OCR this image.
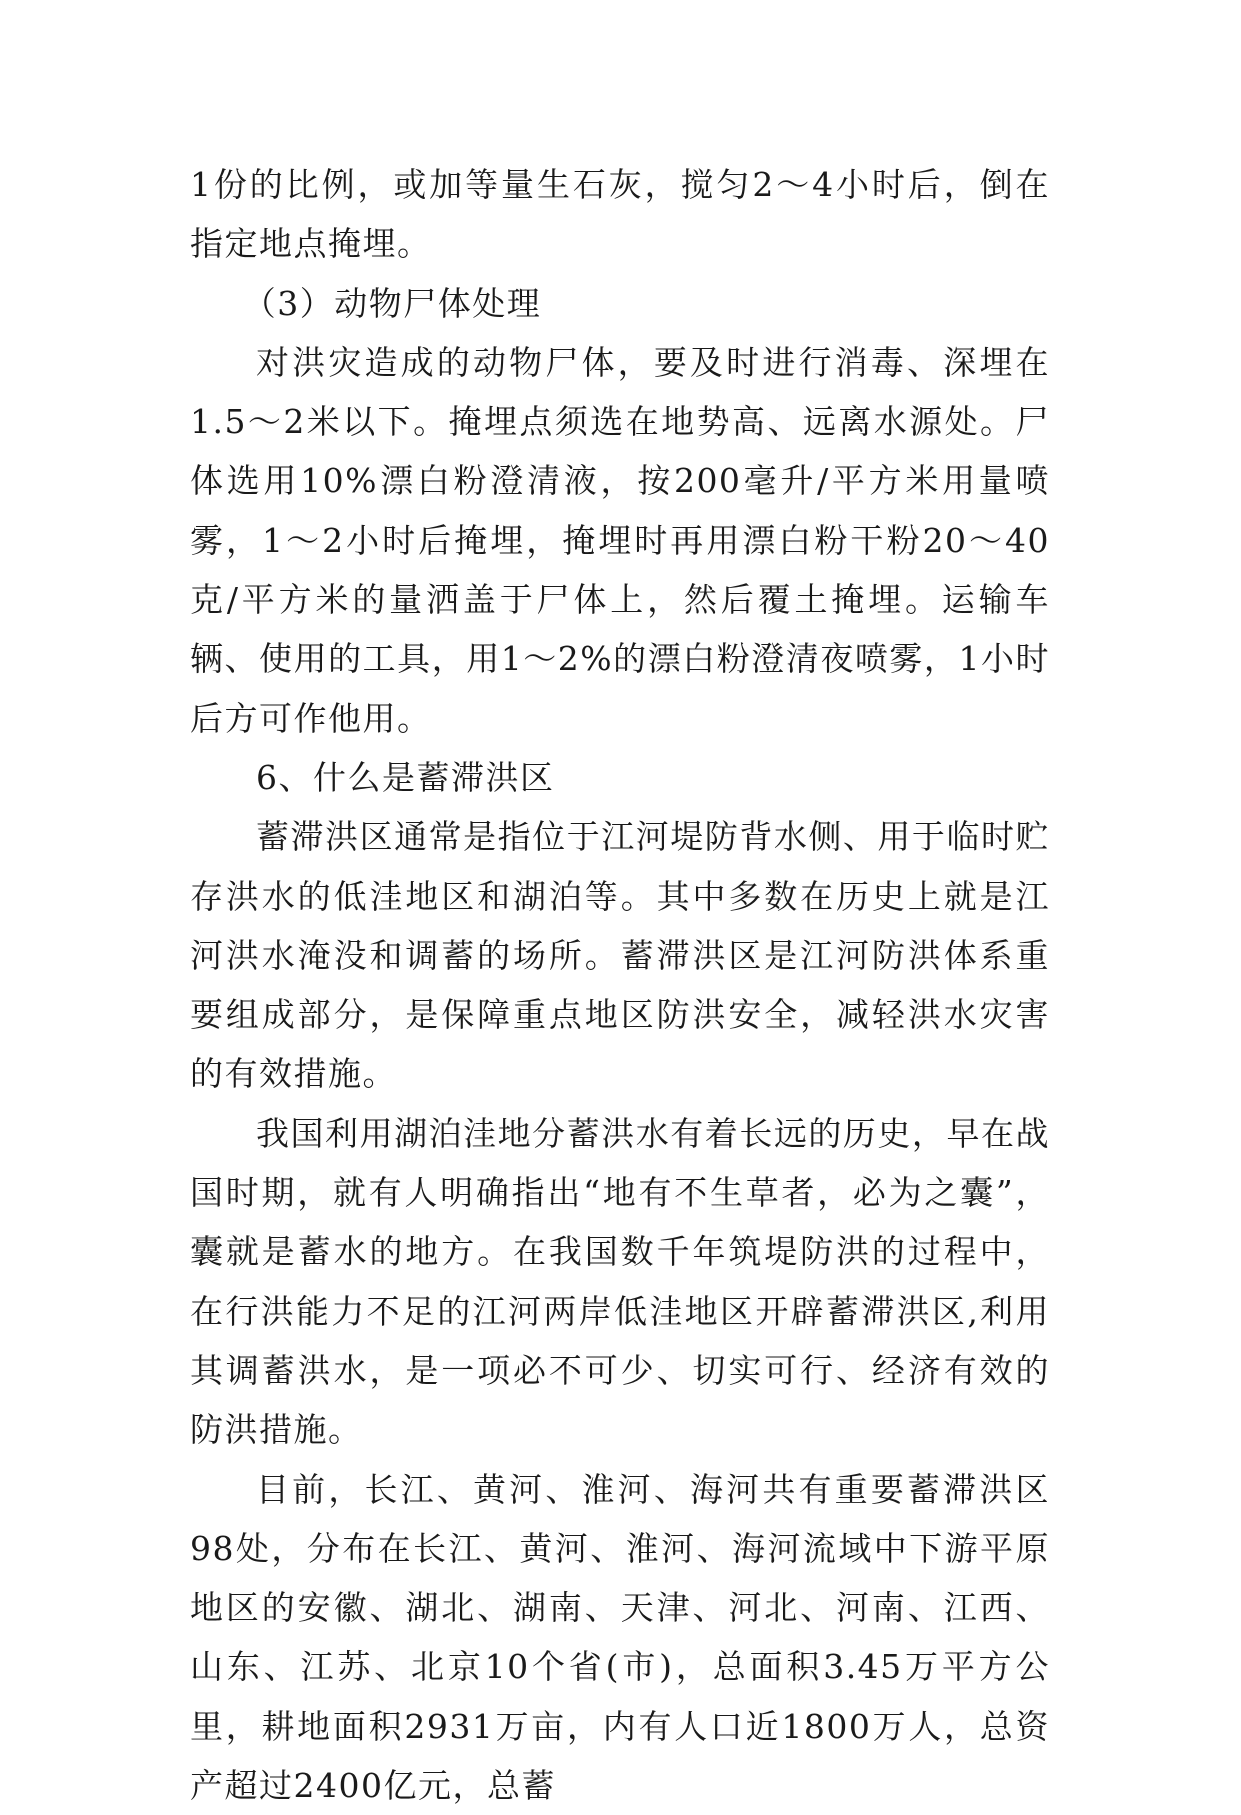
1份的比例，或加等量生石灰，搅匀2～4小时后，倒在指定地点掩埋。

（3）动物尸体处理

对洪灾造成的动物尸体，要及时进行消毒、深埋在1.5～2米以下。掩埋点须选在地势高、远离水源处。尸体选用10%漂白粉澄清液，按200毫升/平方米用量喷雾，1～2小时后掩埋，掩埋时再用漂白粉干粉20～40克/平方米的量洒盖于尸体上，然后覆土掩埋。运输车辆、使用的工具，用1～2%的漂白粉澄清夜喷雾，1小时后方可作他用。

6、什么是蓄滞洪区

蓄滞洪区通常是指位于江河堤防背水侧、用于临时贮存洪水的低洼地区和湖泊等。其中多数在历史上就是江河洪水淹没和调蓄的场所。蓄滞洪区是江河防洪体系重要组成部分，是保障重点地区防洪安全，减轻洪水灾害的有效措施。

我国利用湖泊洼地分蓄洪水有着长远的历史，早在战国时期，就有人明确指出“地有不生草者，必为之囊”，囊就是蓄水的地方。在我国数千年筑堤防洪的过程中，在行洪能力不足的江河两岸低洼地区开辟蓄滞洪区,利用其调蓄洪水，是一项必不可少、切实可行、经济有效的防洪措施。

目前，长江、黄河、淮河、海河共有重要蓄滞洪区98处，分布在长江、黄河、淮河、海河流域中下游平原地区的安徽、湖北、湖南、天津、河北、河南、江西、山东、江苏、北京10个省(市)，总面积3.45万平方公里，耕地面积2931万亩，内有人口近1800万人，总资产超过2400亿元，总蓄
